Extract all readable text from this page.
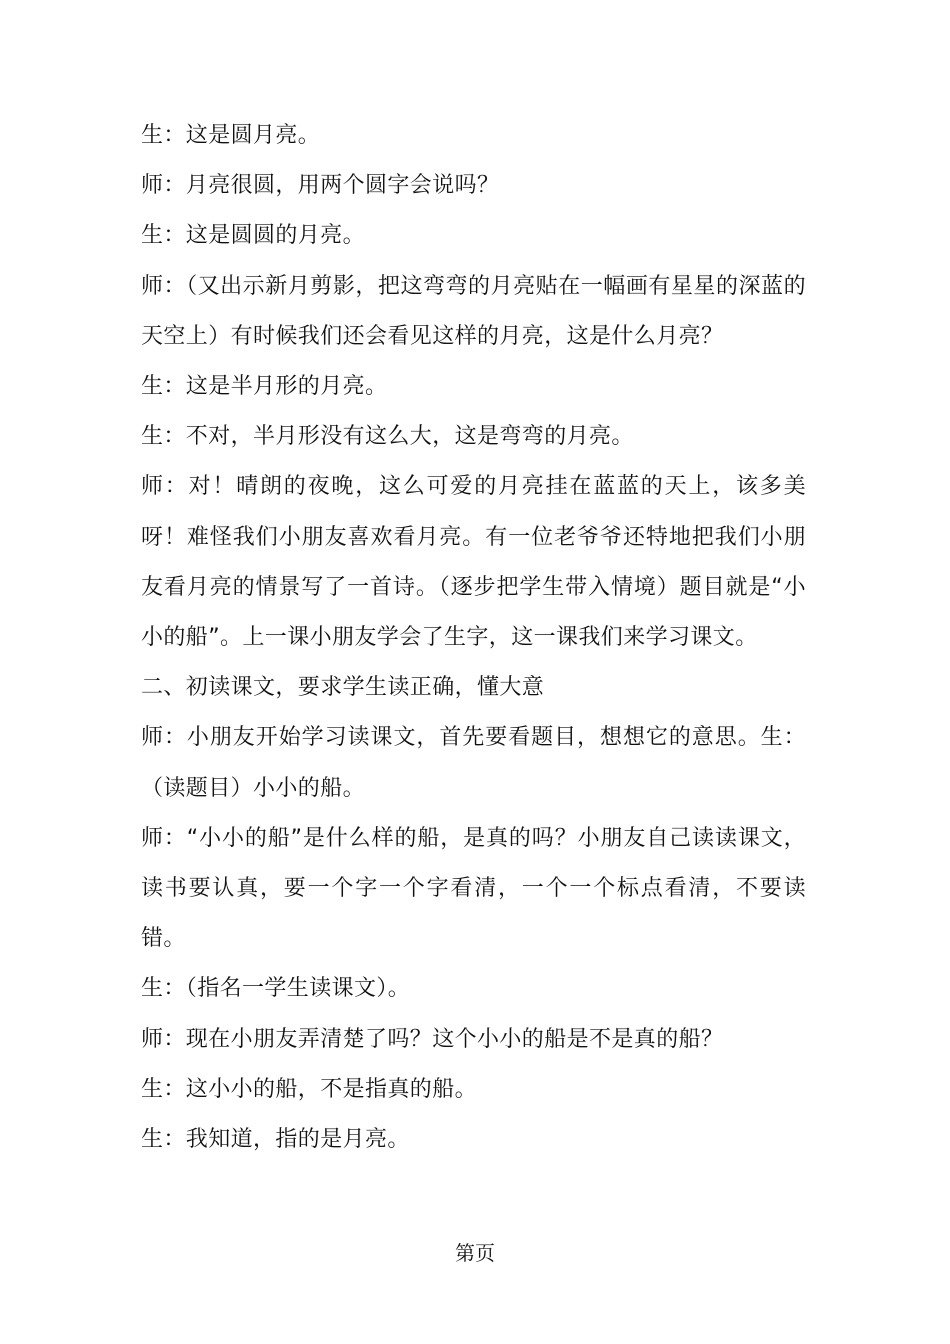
生：这是圆月亮。

师：月亮很圆，用两个圆字会说吗？

生：这是圆圆的月亮。

师：（又出示新月剪影，把这弯弯的月亮贴在一幅画有星星的深蓝的天空上）有时候我们还会看见这样的月亮，这是什么月亮？

生：这是半月形的月亮。

生：不对，半月形没有这么大，这是弯弯的月亮。

师：对！晴朗的夜晚，这么可爱的月亮挂在蓝蓝的天上，该多美呀！难怪我们小朋友喜欢看月亮。有一位老爷爷还特地把我们小朋友看月亮的情景写了一首诗。（逐步把学生带入情境）题目就是“小小的船”。上一课小朋友学会了生字，这一课我们来学习课文。

二、初读课文，要求学生读正确，懂大意

师：小朋友开始学习读课文，首先要看题目，想想它的意思。生：（读题目）小小的船。

师：“小小的船”是什么样的船，是真的吗？小朋友自己读读课文，读书要认真，要一个字一个字看清，一个一个标点看清，不要读错。

生：（指名一学生读课文）。

师：现在小朋友弄清楚了吗？这个小小的船是不是真的船？

生：这小小的船，不是指真的船。

生：我知道，指的是月亮。

第页
